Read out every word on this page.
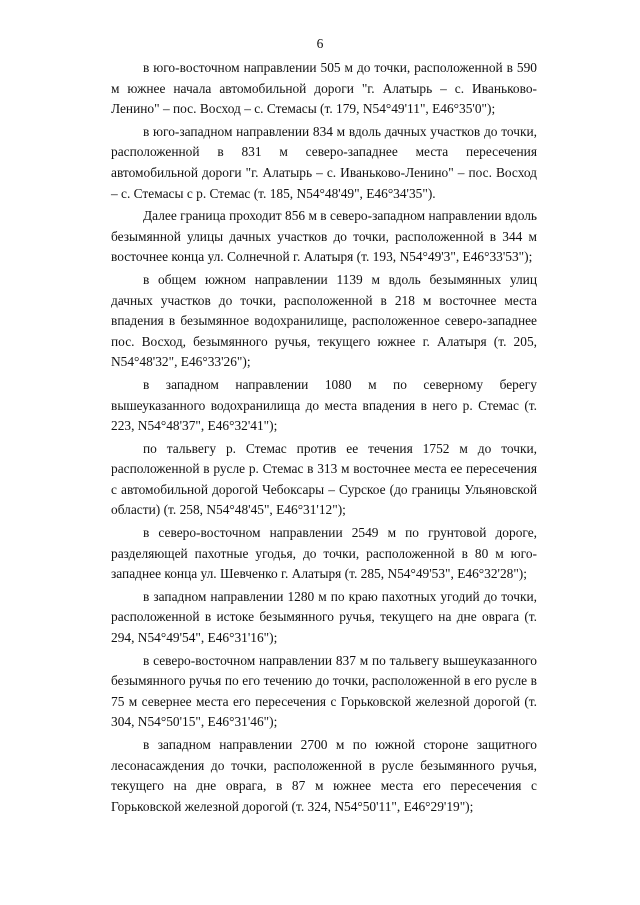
6

в юго-восточном направлении 505 м до точки, расположенной в 590 м южнее начала автомобильной дороги "г. Алатырь – с. Иваньково-Ленино" – пос. Восход – с. Стемасы (т. 179, N54°49'11", E46°35'0");

в юго-западном направлении 834 м вдоль дачных участков до точки, расположенной в 831 м северо-западнее места пересечения автомобильной дороги "г. Алатырь – с. Иваньково-Ленино" – пос. Восход – с. Стемасы с р. Стемас (т. 185, N54°48'49", E46°34'35").

Далее граница проходит 856 м в северо-западном направлении вдоль безымянной улицы дачных участков до точки, расположенной в 344 м восточнее конца ул. Солнечной г. Алатыря (т. 193, N54°49'3", E46°33'53");

в общем южном направлении 1139 м вдоль безымянных улиц дачных участков до точки, расположенной в 218 м восточнее места впадения в безымянное водохранилище, расположенное северо-западнее пос. Восход, безымянного ручья, текущего южнее г. Алатыря (т. 205, N54°48'32", E46°33'26");

в западном направлении 1080 м по северному берегу вышеуказанного водохранилища до места впадения в него р. Стемас (т. 223, N54°48'37", E46°32'41");

по тальвегу р. Стемас против ее течения 1752 м до точки, расположенной в русле р. Стемас в 313 м восточнее места ее пересечения с автомобильной дорогой Чебоксары – Сурское (до границы Ульяновской области) (т. 258, N54°48'45", E46°31'12");

в северо-восточном направлении 2549 м по грунтовой дороге, разделяющей пахотные угодья, до точки, расположенной в 80 м юго-западнее конца ул. Шевченко г. Алатыря (т. 285, N54°49'53", E46°32'28");

в западном направлении 1280 м по краю пахотных угодий до точки, расположенной в истоке безымянного ручья, текущего на дне оврага (т. 294, N54°49'54", E46°31'16");

в северо-восточном направлении 837 м по тальвегу вышеуказанного безымянного ручья по его течению до точки, расположенной в его русле в 75 м севернее места его пересечения с Горьковской железной дорогой (т. 304, N54°50'15", E46°31'46");

в западном направлении 2700 м по южной стороне защитного лесонасаждения до точки, расположенной в русле безымянного ручья, текущего на дне оврага, в 87 м южнее места его пересечения с Горьковской железной дорогой (т. 324, N54°50'11", E46°29'19");
